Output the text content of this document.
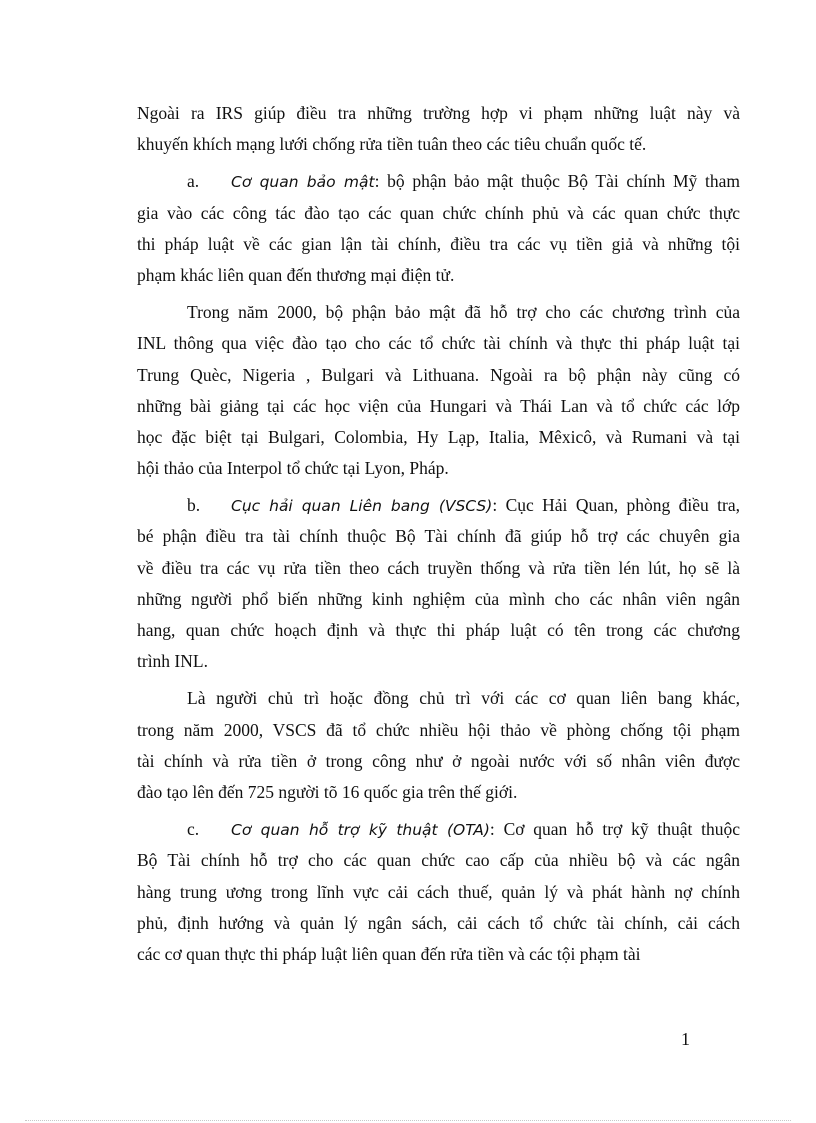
Ngoài ra IRS giúp điều tra những trường hợp vi phạm những luật này và
khuyến khích mạng lưới chống rửa tiền tuân theo các tiêu chuẩn quốc tế.
a. Cơ quan bảo mật: bộ phận bảo mật thuộc Bộ Tài chính Mỹ tham
gia vào các công tác đào tạo các quan chức chính phủ và các quan chức thực
thi pháp luật về các gian lận tài chính, điều tra các vụ tiền giả và những tội
phạm khác liên quan đến thương mại điện tử.
Trong năm 2000, bộ phận bảo mật đã hỗ trợ cho các chương trình của
INL thông qua việc đào tạo cho các tổ chức tài chính và thực thi pháp luật tại
Trung Quèc, Nigeria , Bulgari và Lithuana. Ngoài ra bộ phận này cũng có
những bài giảng tại các học viện của Hungari và Thái Lan và tổ chức các lớp
học đặc biệt tại Bulgari, Colombia, Hy Lạp, Italia, Mêxicô, và Rumani và tại
hội thảo của Interpol tổ chức tại Lyon, Pháp.
b. Cục hải quan Liên bang (VSCS): Cục Hải Quan, phòng điều tra,
bé phận điều tra tài chính thuộc Bộ Tài chính đã giúp hỗ trợ các chuyên gia
về điều tra các vụ rửa tiền theo cách truyền thống và rửa tiền lén lút, họ sẽ là
những người phổ biến những kinh nghiệm của mình cho các nhân viên ngân
hang, quan chức hoạch định và thực thi pháp luật có tên trong các chương
trình INL.
Là người chủ trì hoặc đồng chủ trì với các cơ quan liên bang khác,
trong năm 2000, VSCS đã tổ chức nhiều hội thảo về phòng chống tội phạm
tài chính và rửa tiền ở trong công như ở ngoài nước với số nhân viên được
đào tạo lên đến 725 người tõ 16 quốc gia trên thế giới.
c. Cơ quan hỗ trợ kỹ thuật (OTA): Cơ quan hỗ trợ kỹ thuật thuộc
Bộ Tài chính hỗ trợ cho các quan chức cao cấp của nhiều bộ và các ngân
hàng trung ương trong lĩnh vực cải cách thuế, quản lý và phát hành nợ chính
phủ, định hướng và quản lý ngân sách, cải cách tổ chức tài chính, cải cách
các cơ quan thực thi pháp luật liên quan đến rửa tiền và các tội phạm tài
1
